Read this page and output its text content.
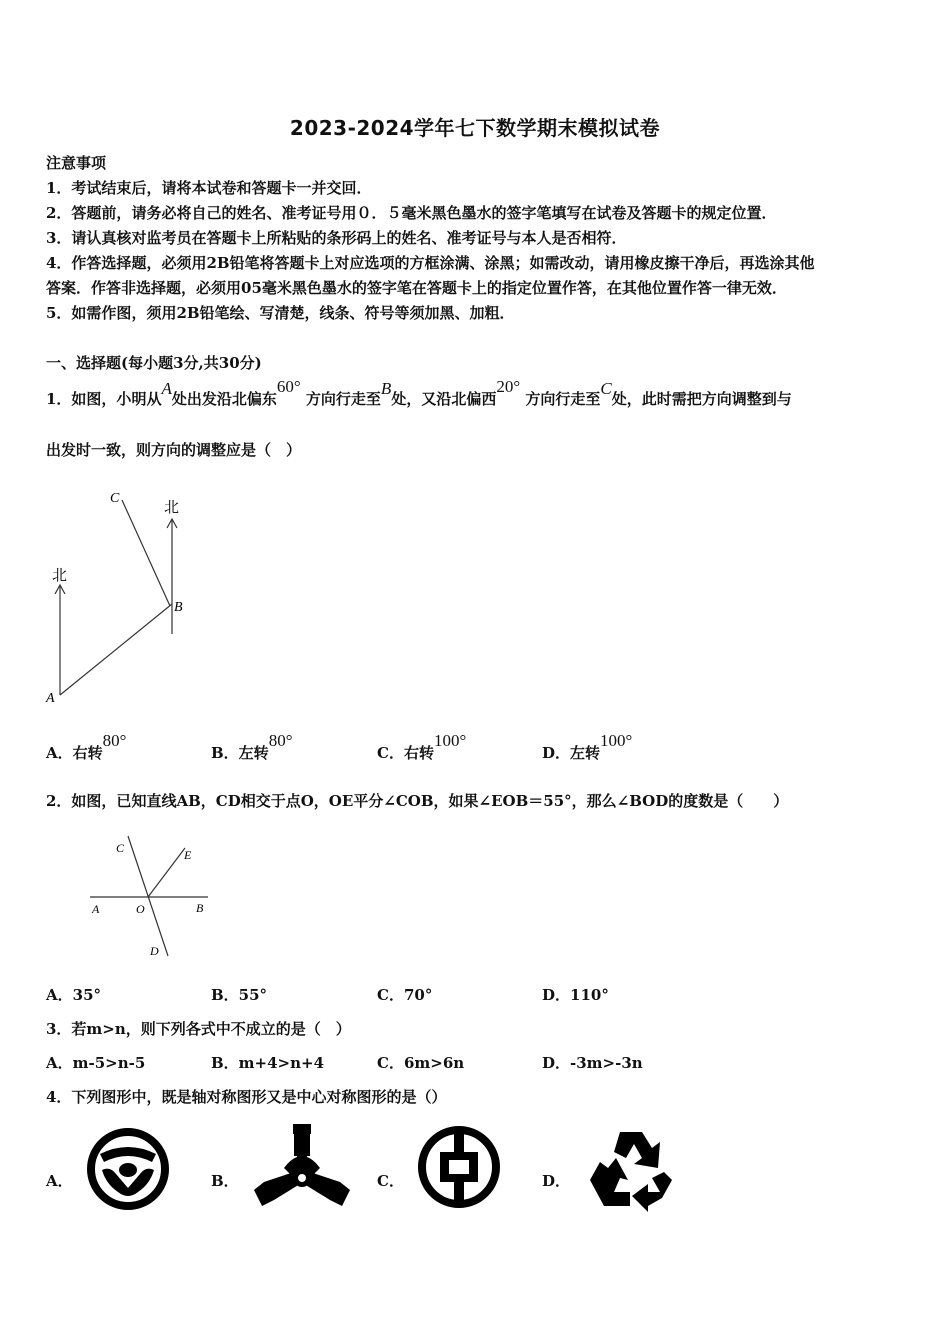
2023-2024学年七下数学期末模拟试卷
注意事项
1．考试结束后，请将本试卷和答题卡一并交回．
2．答题前，请务必将自己的姓名、准考证号用０．５毫米黑色墨水的签字笔填写在试卷及答题卡的规定位置．
3．请认真核对监考员在答题卡上所粘贴的条形码上的姓名、准考证号与本人是否相符．
4．作答选择题，必须用2B铅笔将答题卡上对应选项的方框涂满、涂黑；如需改动，请用橡皮擦干净后，再选涂其他
答案．作答非选择题，必须用05毫米黑色墨水的签字笔在答题卡上的指定位置作答，在其他位置作答一律无效．
5．如需作图，须用2B铅笔绘、写清楚，线条、符号等须加黑、加粗．
一、选择题(每小题3分,共30分)
1．如图，小明从A处出发沿北偏东60° 方向行走至B处，又沿北偏西20° 方向行走至C处，此时需把方向调整到与
出发时一致，则方向的调整应是（　）
北
北
A
B
C
A．右转80°
B．左转80°
C．右转100°
D．左转100°
2．如图，已知直线AB，CD相交于点O，OE平分∠COB，如果∠EOB＝55°，那么∠BOD的度数是（　　）
A	B
C
D
E
O
A．35°	B．55°	C．70°	D．110°
3．若m>n，则下列各式中不成立的是（　）
A．m-5>n-5	B．m+4>n+4	C．6m>6n	D．-3m>-3n
4．下列图形中，既是轴对称图形又是中心对称图形的是（）
A．	B．	C．	D．
